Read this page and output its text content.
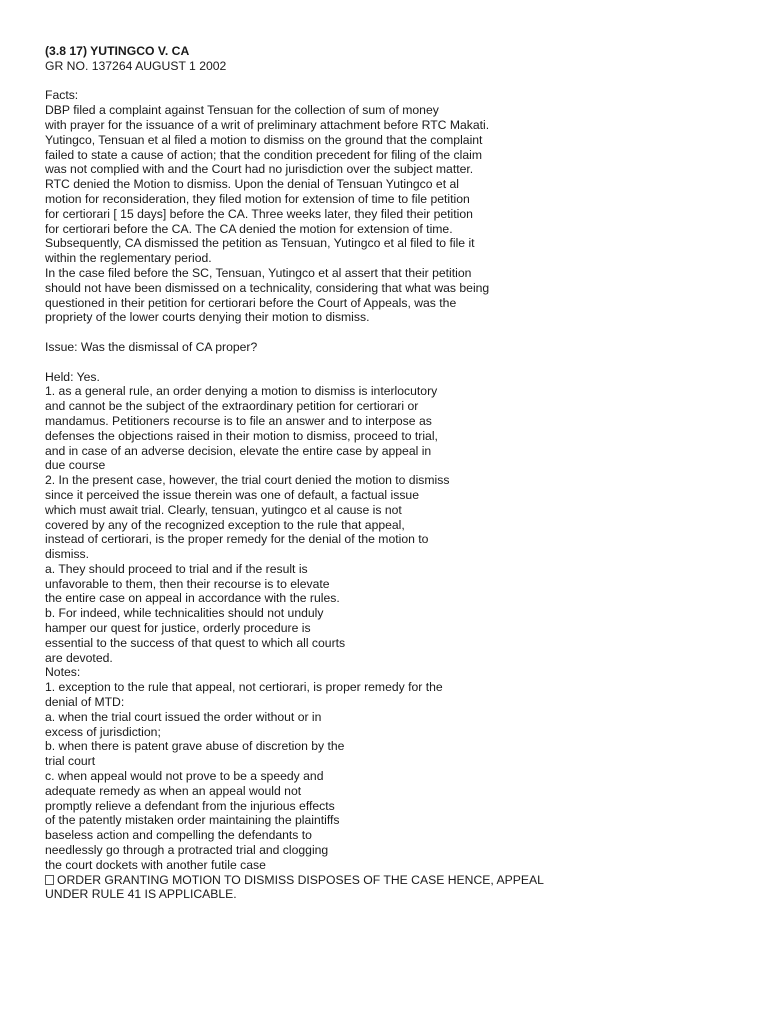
(3.8 17) YUTINGCO V. CA
GR NO. 137264 AUGUST 1 2002
Facts:
DBP filed a complaint against Tensuan for the collection of sum of money
with prayer for the issuance of a writ of preliminary attachment before RTC Makati.
Yutingco, Tensuan et al filed a motion to dismiss on the ground that the complaint
failed to state a cause of action; that the condition precedent for filing of the claim
was not complied with and the Court had no jurisdiction over the subject matter.
RTC denied the Motion to dismiss. Upon the denial of Tensuan Yutingco et al
motion for reconsideration, they filed motion for extension of time to file petition
for certiorari [ 15 days] before the CA. Three weeks later, they filed their petition
for certiorari before the CA. The CA denied the motion for extension of time.
Subsequently, CA dismissed the petition as Tensuan, Yutingco et al filed to file it
within the reglementary period.
In the case filed before the SC, Tensuan, Yutingco et al assert that their petition
should not have been dismissed on a technicality, considering that what was being
questioned in their petition for certiorari before the Court of Appeals, was the
propriety of the lower courts denying their motion to dismiss.
Issue: Was the dismissal of CA proper?
Held: Yes.
1. as a general rule, an order denying a motion to dismiss is interlocutory
and cannot be the subject of the extraordinary petition for certiorari or
mandamus. Petitioners recourse is to file an answer and to interpose as
defenses the objections raised in their motion to dismiss, proceed to trial,
and in case of an adverse decision, elevate the entire case by appeal in
due course
2. In the present case, however, the trial court denied the motion to dismiss
since it perceived the issue therein was one of default, a factual issue
which must await trial. Clearly, tensuan, yutingco et al cause is not
covered by any of the recognized exception to the rule that appeal,
instead of certiorari, is the proper remedy for the denial of the motion to
dismiss.
a. They should proceed to trial and if the result is
unfavorable to them, then their recourse is to elevate
the entire case on appeal in accordance with the rules.
b. For indeed, while technicalities should not unduly
hamper our quest for justice, orderly procedure is
essential to the success of that quest to which all courts
are devoted.
Notes:
1. exception to the rule that appeal, not certiorari, is proper remedy for the
denial of MTD:
a. when the trial court issued the order without or in
excess of jurisdiction;
b. when there is patent grave abuse of discretion by the
trial court
c. when appeal would not prove to be a speedy and
adequate remedy as when an appeal would not
promptly relieve a defendant from the injurious effects
of the patently mistaken order maintaining the plaintiffs
baseless action and compelling the defendants to
needlessly go through a protracted trial and clogging
the court dockets with another futile case
ORDER GRANTING MOTION TO DISMISS DISPOSES OF THE CASE HENCE, APPEAL
UNDER RULE 41 IS APPLICABLE.
